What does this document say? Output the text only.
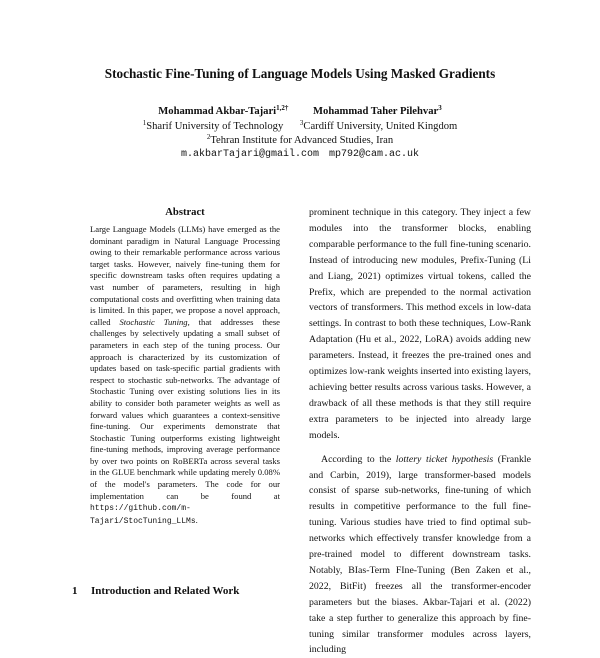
Stochastic Fine-Tuning of Language Models Using Masked Gradients
Mohammad Akbar-Tajari$^{1,2\dagger}$ Mohammad Taher Pilehvar$^3$
$^1$Sharif University of Technology $^3$Cardiff University, United Kingdom
$^2$Tehran Institute for Advanced Studies, Iran
m.akbarTajari@gmail.com mp792@cam.ac.uk
Abstract

Large Language Models (LLMs) have emerged as the dominant paradigm in Natural Language Processing owing to their remarkable performance across various target tasks. However, naively fine-tuning them for specific downstream tasks often requires updating a vast number of parameters, resulting in high computational costs and overfitting when training data is limited. In this paper, we propose a novel approach, called Stochastic Tuning, that addresses these challenges by selectively updating a small subset of parameters in each step of the tuning process. Our approach is characterized by its customization of updates based on task-specific partial gradients with respect to stochastic sub-networks. The advantage of Stochastic Tuning over existing solutions lies in its ability to consider both parameter weights as well as forward values which guarantees a context-sensitive fine-tuning. Our experiments demonstrate that Stochastic Tuning outperforms existing lightweight fine-tuning methods, improving average performance by over two points on RoBERTa across several tasks in the GLUE benchmark while updating merely 0.08% of the model's parameters. The code for our implementation can be found at https://github.com/m-Tajari/StocTuning_LLMs.

1 Introduction and Related Work

prominent technique in this category. They inject a few modules into the transformer blocks, enabling comparable performance to the full fine-tuning scenario. Instead of introducing new modules, Prefix-Tuning (Li and Liang, 2021) optimizes virtual tokens, called the Prefix, which are prepended to the normal activation vectors of transformers. This method excels in low-data settings. In contrast to both these techniques, Low-Rank Adaptation (Hu et al., 2022, LoRA) avoids adding new parameters. Instead, it freezes the pre-trained ones and optimizes low-rank weights inserted into existing layers, achieving better results across various tasks. However, a drawback of all these methods is that they still require extra parameters to be injected into already large models.

According to the lottery ticket hypothesis (Frankle and Carbin, 2019), large transformer-based models consist of sparse sub-networks, fine-tuning of which results in competitive performance to the full fine-tuning. Various studies have tried to find optimal sub-networks which effectively transfer knowledge from a pre-trained model to different downstream tasks. Notably, BIas-Term FIne-Tuning (Ben Zaken et al., 2022, BitFit) freezes all the transformer-encoder parameters but the biases. Akbar-Tajari et al. (2022) take a step further to generalize this approach by fine-tuning similar transformer modules across layers, including
